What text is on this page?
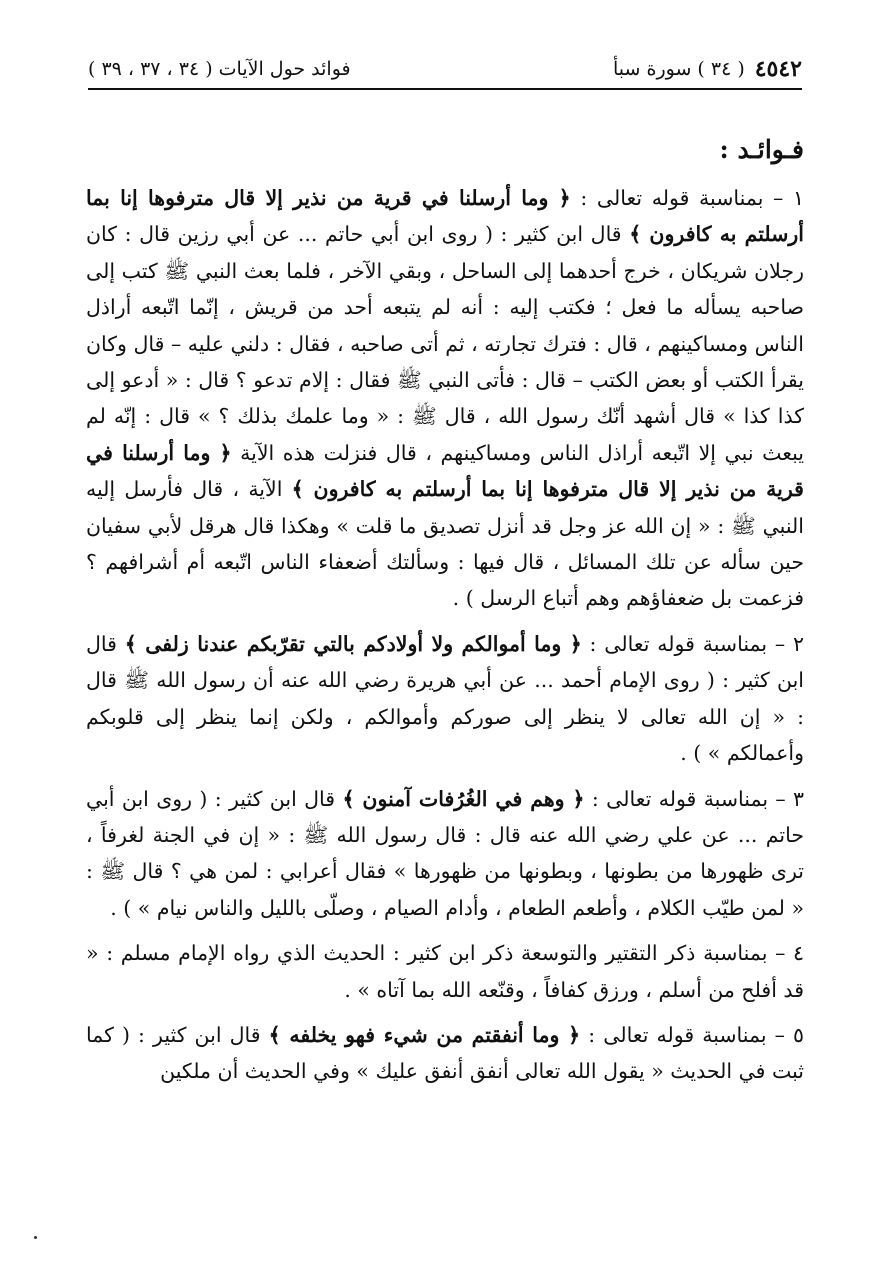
٤٥٤٢
( ٣٤ ) سورة سبأ
فوائد حول الآيات ( ٣٤ ، ٣٧ ، ٣٩ )
فـوائـد :

١ – بمناسبة قوله تعالى : ﴿ وما أرسلنا في قرية من نذير إلا قال مترفوها إنا بما أرسلتم به كافرون ﴾ قال ابن كثير : ( روى ابن أبي حاتم ... عن أبي رزين قال : كان رجلان شريكان ، خرج أحدهما إلى الساحل ، وبقي الآخر ، فلما بعث النبي ﷺ كتب إلى صاحبه يسأله ما فعل ؛ فكتب إليه : أنه لم يتبعه أحد من قريش ، إنّما اتّبعه أراذل الناس ومساكينهم ، قال : فترك تجارته ، ثم أتى صاحبه ، فقال : دلني عليه – قال وكان يقرأ الكتب أو بعض الكتب – قال : فأتى النبي ﷺ فقال : إلام تدعو ؟ قال : « أدعو إلى كذا كذا » قال أشهد أنّك رسول الله ، قال ﷺ : « وما علمك بذلك ؟ » قال : إنّه لم يبعث نبي إلا اتّبعه أراذل الناس ومساكينهم ، قال فنزلت هذه الآية ﴿ وما أرسلنا في قرية من نذير إلا قال مترفوها إنا بما أرسلتم به كافرون ﴾ الآية ، قال فأرسل إليه النبي ﷺ : « إن الله عز وجل قد أنزل تصديق ما قلت » وهكذا قال هرقل لأبي سفيان حين سأله عن تلك المسائل ، قال فيها : وسألتك أضعفاء الناس اتّبعه أم أشرافهم ؟ فزعمت بل ضعفاؤهم وهم أتباع الرسل ) .

٢ – بمناسبة قوله تعالى : ﴿ وما أموالكم ولا أولادكم بالتي تقرّبكم عندنا زلفى ﴾ قال ابن كثير : ( روى الإمام أحمد ... عن أبي هريرة رضي الله عنه أن رسول الله ﷺ قال : « إن الله تعالى لا ينظر إلى صوركم وأموالكم ، ولكن إنما ينظر إلى قلوبكم وأعمالكم » ) .

٣ – بمناسبة قوله تعالى : ﴿ وهم في الغُرُفات آمنون ﴾ قال ابن كثير : ( روى ابن أبي حاتم ... عن علي رضي الله عنه قال : قال رسول الله ﷺ : « إن في الجنة لغرفاً ، ترى ظهورها من بطونها ، وبطونها من ظهورها » فقال أعرابي : لمن هي ؟ قال ﷺ : « لمن طيّب الكلام ، وأطعم الطعام ، وأدام الصيام ، وصلّى بالليل والناس نيام » ) .

٤ – بمناسبة ذكر التقتير والتوسعة ذكر ابن كثير : الحديث الذي رواه الإمام مسلم : « قد أفلح من أسلم ، ورزق كفافاً ، وقنّعه الله بما آتاه » .

٥ – بمناسبة قوله تعالى : ﴿ وما أنفقتم من شيء فهو يخلفه ﴾ قال ابن كثير : ( كما ثبت في الحديث « يقول الله تعالى أنفق أنفق عليك » وفي الحديث أن ملكين
